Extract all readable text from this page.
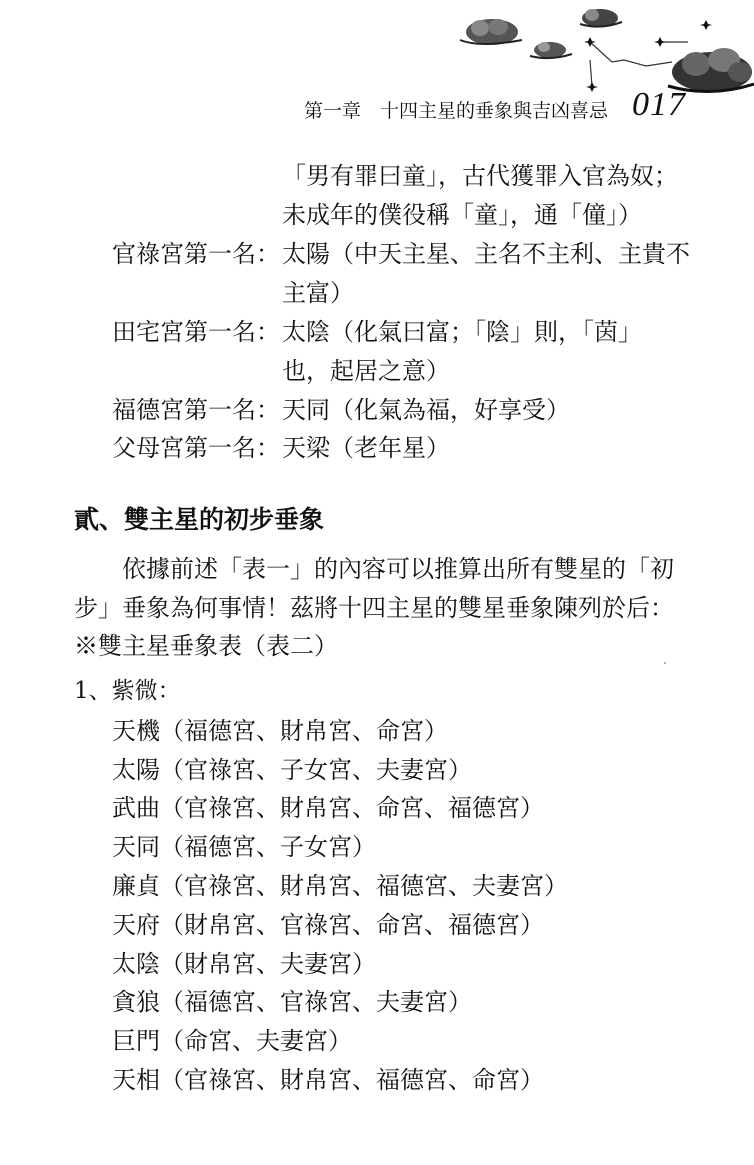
第一章　十四主星的垂象與吉凶喜忌 017
「男有罪曰童」，古代獲罪入官為奴；
未成年的僕役稱「童」，通「僮」）
官祿宮第一名： 太陽（中天主星、主名不主利、主貴不
主富）
田宅宮第一名： 太陰（化氣曰富；「陰」則，「茵」
也，起居之意）
福德宮第一名： 天同（化氣為福，好享受）
父母宮第一名： 天梁（老年星）
貳、雙主星的初步垂象
依據前述「表一」的內容可以推算出所有雙星的「初
步」垂象為何事情！茲將十四主星的雙星垂象陳列於后：
※雙主星垂象表（表二）
1、紫微：
天機（福德宮、財帛宮、命宮）
太陽（官祿宮、子女宮、夫妻宮）
武曲（官祿宮、財帛宮、命宮、福德宮）
天同（福德宮、子女宮）
廉貞（官祿宮、財帛宮、福德宮、夫妻宮）
天府（財帛宮、官祿宮、命宮、福德宮）
太陰（財帛宮、夫妻宮）
貪狼（福德宮、官祿宮、夫妻宮）
巨門（命宮、夫妻宮）
天相（官祿宮、財帛宮、福德宮、命宮）
